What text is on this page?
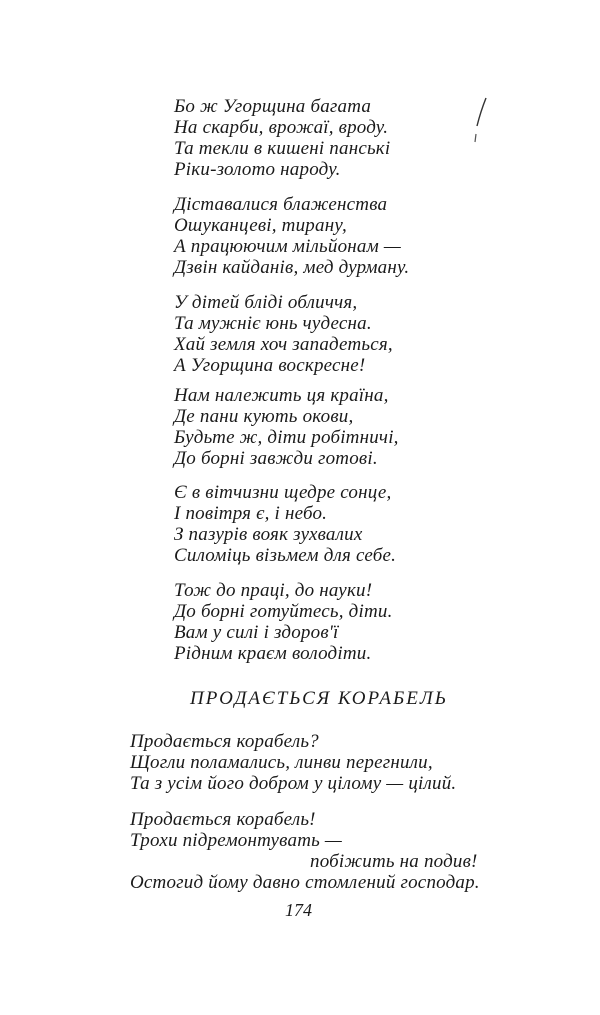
Бо ж Угорщина багата
На скарби, врожаї, вроду.
Та текли в кишені панські
Ріки-золото народу.
Діставалися блаженства
Ошуканцеві, тирану,
А працюючим мільйонам —
Дзвін кайданів, мед дурману.
У дітей бліді обличчя,
Та мужніє юнь чудесна.
Хай земля хоч западеться,
А Угорщина воскресне!
Нам належить ця країна,
Де пани кують окови,
Будьте ж, діти робітничі,
До борні завжди готові.
Є в вітчизни щедре сонце,
І повітря є, і небо.
З пазурів вояк зухвалих
Силоміць візьмем для себе.
Тож до праці, до науки!
До борні готуйтесь, діти.
Вам у силі і здоров'ї
Рідним краєм володіти.
ПРОДАЄТЬСЯ КОРАБЕЛЬ
Продається корабель?
Щогли поламались, линви перегнили,
Та з усім його добром у цілому — цілий.
Продається корабель!
Трохи підремонтувать —
побіжить на подив!
Остогид йому давно стомлений господар.
174
